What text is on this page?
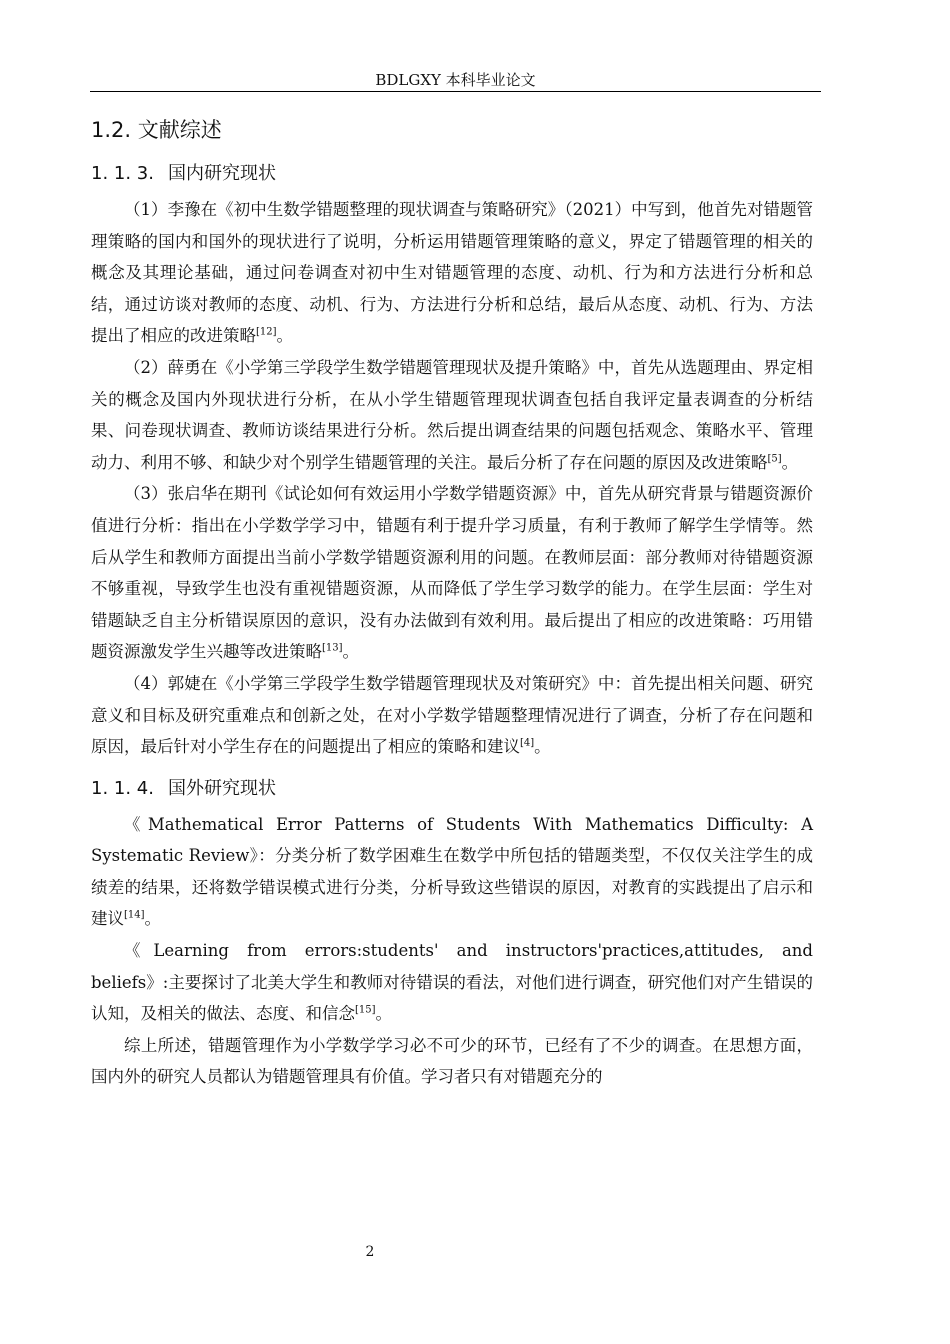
BDLGXY 本科毕业论文
1.2. 文献综述
1. 1. 3. 国内研究现状

（1）李豫在《初中生数学错题整理的现状调查与策略研究》（2021）中写到，他首先对错题管理策略的国内和国外的现状进行了说明，分析运用错题管理策略的意义，界定了错题管理的相关的概念及其理论基础，通过问卷调查对初中生对错题管理的态度、动机、行为和方法进行分析和总结，通过访谈对教师的态度、动机、行为、方法进行分析和总结，最后从态度、动机、行为、方法提出了相应的改进策略[12]。

（2）薛勇在《小学第三学段学生数学错题管理现状及提升策略》中，首先从选题理由、界定相关的概念及国内外现状进行分析，在从小学生错题管理现状调查包括自我评定量表调查的分析结果、问卷现状调查、教师访谈结果进行分析。然后提出调查结果的问题包括观念、策略水平、管理动力、利用不够、和缺少对个别学生错题管理的关注。最后分析了存在问题的原因及改进策略[5]。

（3）张启华在期刊《试论如何有效运用小学数学错题资源》中，首先从研究背景与错题资源价值进行分析：指出在小学数学学习中，错题有利于提升学习质量，有利于教师了解学生学情等。然后从学生和教师方面提出当前小学数学错题资源利用的问题。在教师层面：部分教师对待错题资源不够重视，导致学生也没有重视错题资源，从而降低了学生学习数学的能力。在学生层面：学生对错题缺乏自主分析错误原因的意识，没有办法做到有效利用。最后提出了相应的改进策略：巧用错题资源激发学生兴趣等改进策略[13]。

（4）郭婕在《小学第三学段学生数学错题管理现状及对策研究》中：首先提出相关问题、研究意义和目标及研究重难点和创新之处，在对小学数学错题整理情况进行了调查，分析了存在问题和原因，最后针对小学生存在的问题提出了相应的策略和建议[4]。

1. 1. 4. 国外研究现状

《Mathematical Error Patterns of Students With Mathematics Difficulty: A Systematic Review》：分类分析了数学困难生在数学中所包括的错题类型，不仅仅关注学生的成绩差的结果，还将数学错误模式进行分类，分析导致这些错误的原因，对教育的实践提出了启示和建议[14]。

《Learning from errors:students' and instructors'practices,attitudes, and beliefs》:主要探讨了北美大学生和教师对待错误的看法，对他们进行调查，研究他们对产生错误的认知，及相关的做法、态度、和信念[15]。

综上所述，错题管理作为小学数学学习必不可少的环节，已经有了不少的调查。在思想方面，国内外的研究人员都认为错题管理具有价值。学习者只有对错题充分的

2
